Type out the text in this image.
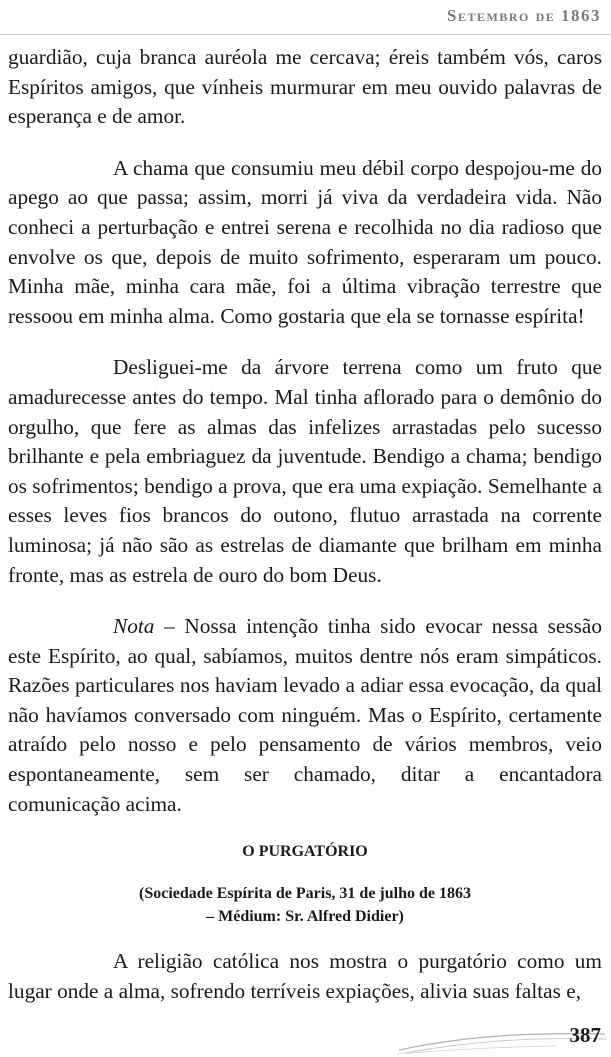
Setembro de 1863

guardião, cuja branca auréola me cercava; éreis também vós, caros Espíritos amigos, que vínheis murmurar em meu ouvido palavras de esperança e de amor.

A chama que consumiu meu débil corpo despojou-me do apego ao que passa; assim, morri já viva da verdadeira vida. Não conheci a perturbação e entrei serena e recolhida no dia radioso que envolve os que, depois de muito sofrimento, esperaram um pouco. Minha mãe, minha cara mãe, foi a última vibração terrestre que ressoou em minha alma. Como gostaria que ela se tornasse espírita!

Desliguei-me da árvore terrena como um fruto que amadurecesse antes do tempo. Mal tinha aflorado para o demônio do orgulho, que fere as almas das infelizes arrastadas pelo sucesso brilhante e pela embriaguez da juventude. Bendigo a chama; bendigo os sofrimentos; bendigo a prova, que era uma expiação. Semelhante a esses leves fios brancos do outono, flutuo arrastada na corrente luminosa; já não são as estrelas de diamante que brilham em minha fronte, mas as estrela de ouro do bom Deus.

Nota – Nossa intenção tinha sido evocar nessa sessão este Espírito, ao qual, sabíamos, muitos dentre nós eram simpáticos. Razões particulares nos haviam levado a adiar essa evocação, da qual não havíamos conversado com ninguém. Mas o Espírito, certamente atraído pelo nosso e pelo pensamento de vários membros, veio espontaneamente, sem ser chamado, ditar a encantadora comunicação acima.

O PURGATÓRIO
(Sociedade Espírita de Paris, 31 de julho de 1863
– Médium: Sr. Alfred Didier)

A religião católica nos mostra o purgatório como um lugar onde a alma, sofrendo terríveis expiações, alivia suas faltas e,

387
